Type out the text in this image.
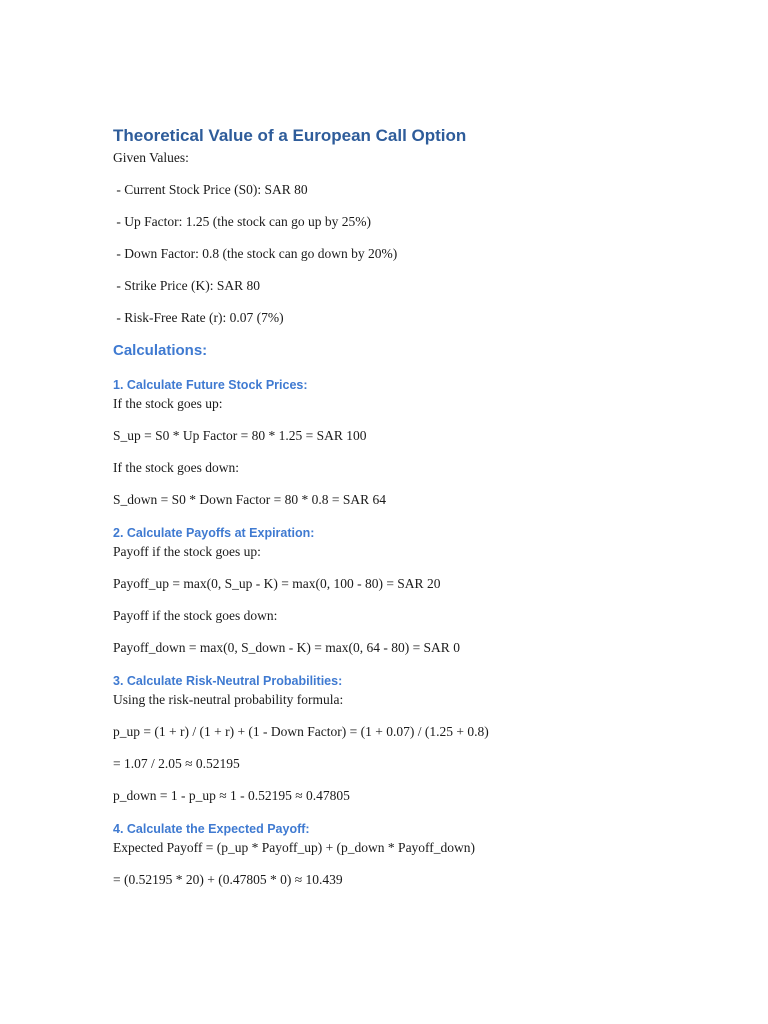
Theoretical Value of a European Call Option

Given Values:

- Current Stock Price (S0): SAR 80

- Up Factor: 1.25 (the stock can go up by 25%)

- Down Factor: 0.8 (the stock can go down by 20%)

- Strike Price (K): SAR 80

- Risk-Free Rate (r): 0.07 (7%)

Calculations:
1. Calculate Future Stock Prices:

If the stock goes up:

S_up = S0 * Up Factor = 80 * 1.25 = SAR 100

If the stock goes down:

S_down = S0 * Down Factor = 80 * 0.8 = SAR 64

2. Calculate Payoffs at Expiration:

Payoff if the stock goes up:

Payoff_up = max(0, S_up - K) = max(0, 100 - 80) = SAR 20

Payoff if the stock goes down:

Payoff_down = max(0, S_down - K) = max(0, 64 - 80) = SAR 0

3. Calculate Risk-Neutral Probabilities:

Using the risk-neutral probability formula:

p_up = (1 + r) / (1 + r) + (1 - Down Factor) = (1 + 0.07) / (1.25 + 0.8)

= 1.07 / 2.05 ≈ 0.52195

p_down = 1 - p_up ≈ 1 - 0.52195 ≈ 0.47805

4. Calculate the Expected Payoff:

Expected Payoff = (p_up * Payoff_up) + (p_down * Payoff_down)

= (0.52195 * 20) + (0.47805 * 0) ≈ 10.439
